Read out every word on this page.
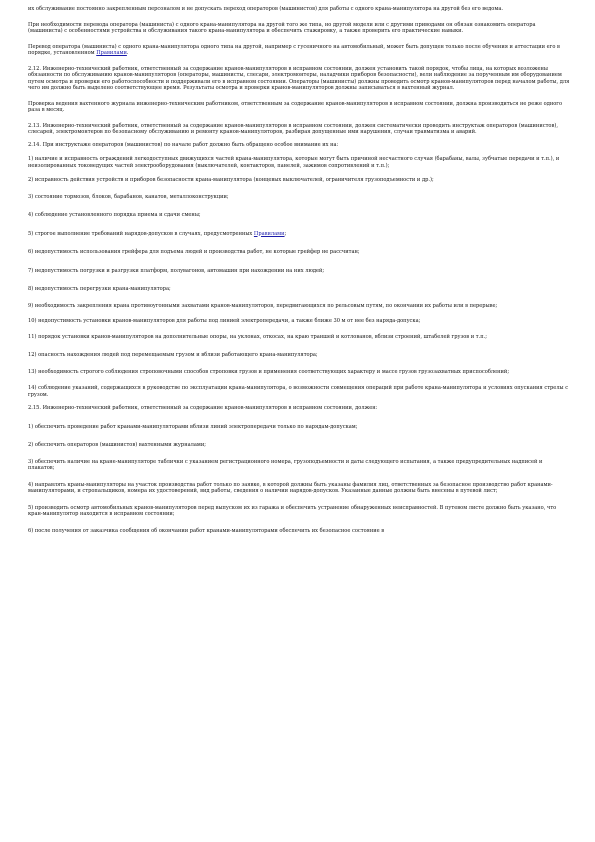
их обслуживание постоянно закрепленным персоналом и не допускать переход операторов (машинистов) для работы с одного крана-манипулятора на другой без его ведома.

При необходимости перевода оператора (машиниста) с одного крана-манипулятора на другой того же типа, но другой модели или с другими приводами он обязан ознакомить оператора (машиниста) с особенностями устройства и обслуживания такого крана-манипулятора и обеспечить стажировку, а также проверить его практические навыки.

Перевод оператора (машиниста) с одного крана-манипулятора одного типа на другой, например с гусеничного на автомобильный, может быть допущен только после обучения и аттестации его в порядке, установленном Правилами.

2.12. Инженерно-технический работник, ответственный за содержание кранов-манипуляторов в исправном состоянии, должен установить такой порядок, чтобы лица, на которых возложены обязанности по обслуживанию кранов-манипуляторов (операторы, машинисты, слесари, электромонтеры, наладчики приборов безопасности), вели наблюдение за порученным им оборудованием путем осмотра и проверки его работоспособности и поддерживали его в исправном состоянии. Операторы (машинисты) должны проводить осмотр кранов-манипуляторов перед началом работы, для чего им должно быть выделено соответствующее время. Результаты осмотра и проверки кранов-манипуляторов должны записываться в вахтенный журнал.

Проверка ведения вахтенного журнала инженерно-техническим работником, ответственным за содержание кранов-манипуляторов в исправном состоянии, должна производиться не реже одного раза в месяц.

2.13. Инженерно-технический работник, ответственный за содержание кранов-манипуляторов в исправном состоянии, должен систематически проводить инструктаж операторов (машинистов), слесарей, электромонтеров по безопасному обслуживанию и ремонту кранов-манипуляторов, разбирая допущенные ими нарушения, случаи травматизма и аварий.

2.14. При инструктаже операторов (машинистов) по начале работ должно быть обращено особое внимание их на:

1) наличие и исправность ограждений легкодоступных движущихся частей крана-манипулятора, которые могут быть причиной несчастного случая (барабаны, валы, зубчатые передачи и т.п.), и неизолированных токоведущих частей электрооборудования (выключателей, контакторов, панелей, зажимов сопротивлений и т.п.);

2) исправность действия устройств и приборов безопасности крана-манипулятора (концевых выключателей, ограничителя грузоподъемности и др.);

3) состояние тормозов, блоков, барабанов, канатов, металлоконструкции;

4) соблюдение установленного порядка приема и сдачи смены;

5) строгое выполнение требований нарядов-допусков в случаях, предусмотренных Правилами;

6) недопустимость использования грейфера для подъема людей и производства работ, не которые грейфер не рассчитан;

7) недопустимость погрузки и разгрузки платформ, полувагонов, автомашин при нахождении на них людей;

8) недопустимость перегрузки крана-манипулятора;

9) необходимость закрепления крана противоугонными захватами кранов-манипуляторов, передвигающихся по рельсовым путям, по окончании их работы или в перерыве;

10) недопустимость установки кранов-манипуляторов для работы под линией электропередачи, а также ближе 30 м от нее без наряда-допуска;

11) порядок установки кранов-манипуляторов на дополнительные опоры, на уклонах, откосах, на краю траншей и котлованов, вблизи строений, штабелей грузов и т.п.;

12) опасность нахождения людей под перемещаемым грузом и вблизи работающего крана-манипулятора;

13) необходимость строгого соблюдения строповочными способов строповки грузов и применения соответствующих характеру и массе грузов грузозахватных приспособлений;

14) соблюдение указаний, содержащихся в руководстве по эксплуатации крана-манипулятора, о возможности совмещения операций при работе крана-манипулятора и условиях опускания стрелы с грузом.

2.15. Инженерно-технический работник, ответственный за содержание кранов-манипуляторов в исправном состоянии, должен:

1) обеспечить проведение работ кранами-манипуляторами вблизи линий электропередачи только по нарядам-допускам;

2) обеспечить операторов (машинистов) вахтенными журналами;

3) обеспечить наличие на кране-манипуляторе таблички с указанием регистрационного номера, грузоподъемности и даты следующего испытания, а также предупредительных надписей и плакатов;

4) направлять краны-манипуляторы на участок производства работ только по заявке, в которой должны быть указаны фамилия лиц, ответственных за безопасное производство работ кранами-манипуляторами, и стропальщиков, номера их удостоверений, вид работы, сведения о наличии нарядов-допусков. Указанные данные должны быть внесены в путевой лист;

5) производить осмотр автомобильных кранов-манипуляторов перед выпуском их из гаража и обеспечить устранение обнаруженных неисправностей. В путевом листе должно быть указано, что кран-манипулятор находится в исправном состоянии;

6) после получения от заказчика сообщения об окончании работ кранами-манипуляторами обеспечить их безопасное состояние в
